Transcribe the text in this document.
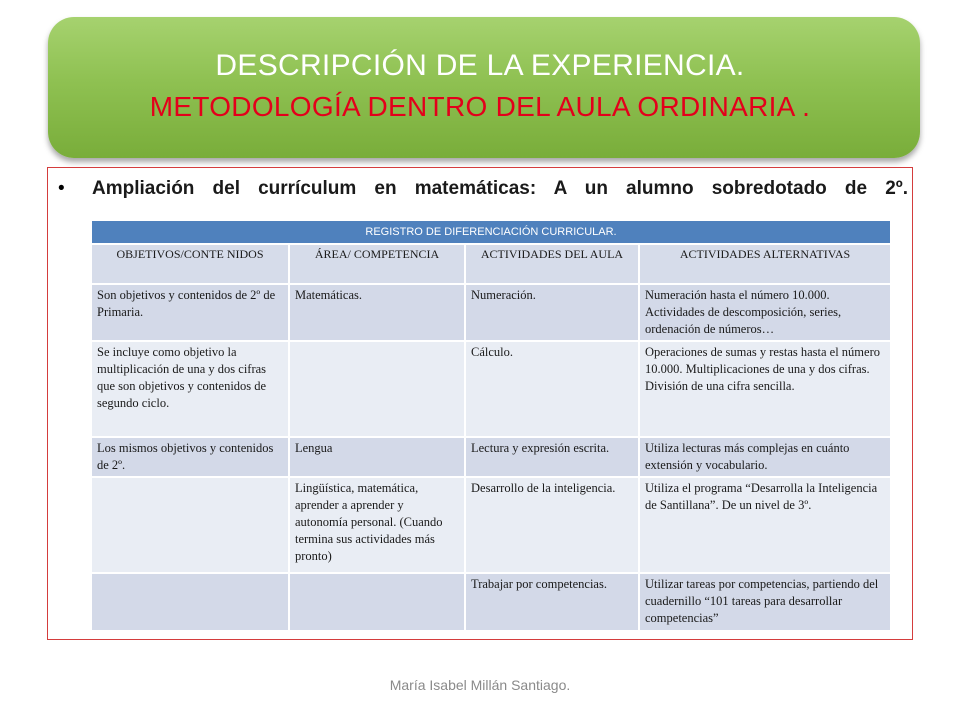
DESCRIPCIÓN DE LA EXPERIENCIA.
METODOLOGÍA DENTRO DEL AULA ORDINARIA .
• Ampliación del currículum en matemáticas: A un alumno sobredotado de 2º.
REGISTRO DE DIFERENCIACIÓN CURRICULAR.			
OBJETIVOS/CONTE NIDOS	ÁREA/ COMPETENCIA	ACTIVIDADES DEL AULA	ACTIVIDADES ALTERNATIVAS
Son objetivos y contenidos de 2º de Primaria.	Matemáticas.	Numeración.	Numeración hasta el número 10.000. Actividades de descomposición, series, ordenación de números…
Se incluye como objetivo la multiplicación de una y dos cifras que son objetivos y contenidos de segundo ciclo.		Cálculo.	Operaciones de sumas y restas hasta el número 10.000. Multiplicaciones de una y dos cifras. División de una cifra sencilla.
Los mismos objetivos y contenidos de 2º.	Lengua	Lectura y expresión escrita.	Utiliza lecturas más complejas en cuánto extensión y vocabulario.
	Lingüística, matemática, aprender a aprender y autonomía personal. (Cuando termina sus actividades más pronto)	Desarrollo de la inteligencia.	Utiliza el programa “Desarrolla la Inteligencia de Santillana”. De un nivel de 3º.
		Trabajar por competencias.	Utilizar tareas por competencias, partiendo del cuadernillo “101 tareas para desarrollar competencias”
María Isabel Millán Santiago.
